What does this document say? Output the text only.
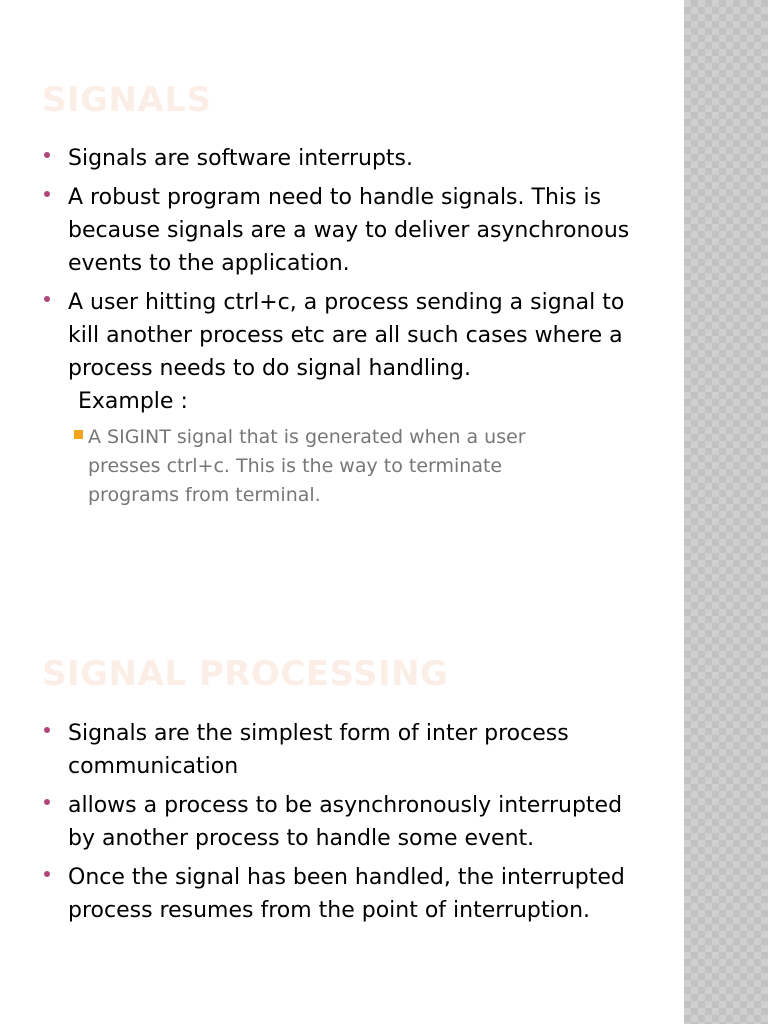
SIGNALS
Signals are software interrupts.
A robust program need to handle signals. This is because signals are a way to deliver asynchronous events to the application.
A user hitting ctrl+c, a process sending a signal to kill another process etc are all such cases where a process needs to do signal handling.
Example :
A SIGINT signal that is generated when a user presses ctrl+c. This is the way to terminate programs from terminal.
SIGNAL PROCESSING
Signals are the simplest form of inter process communication
allows a process to be asynchronously interrupted by another process to handle some event.
Once the signal has been handled, the interrupted process resumes from the point of interruption.
